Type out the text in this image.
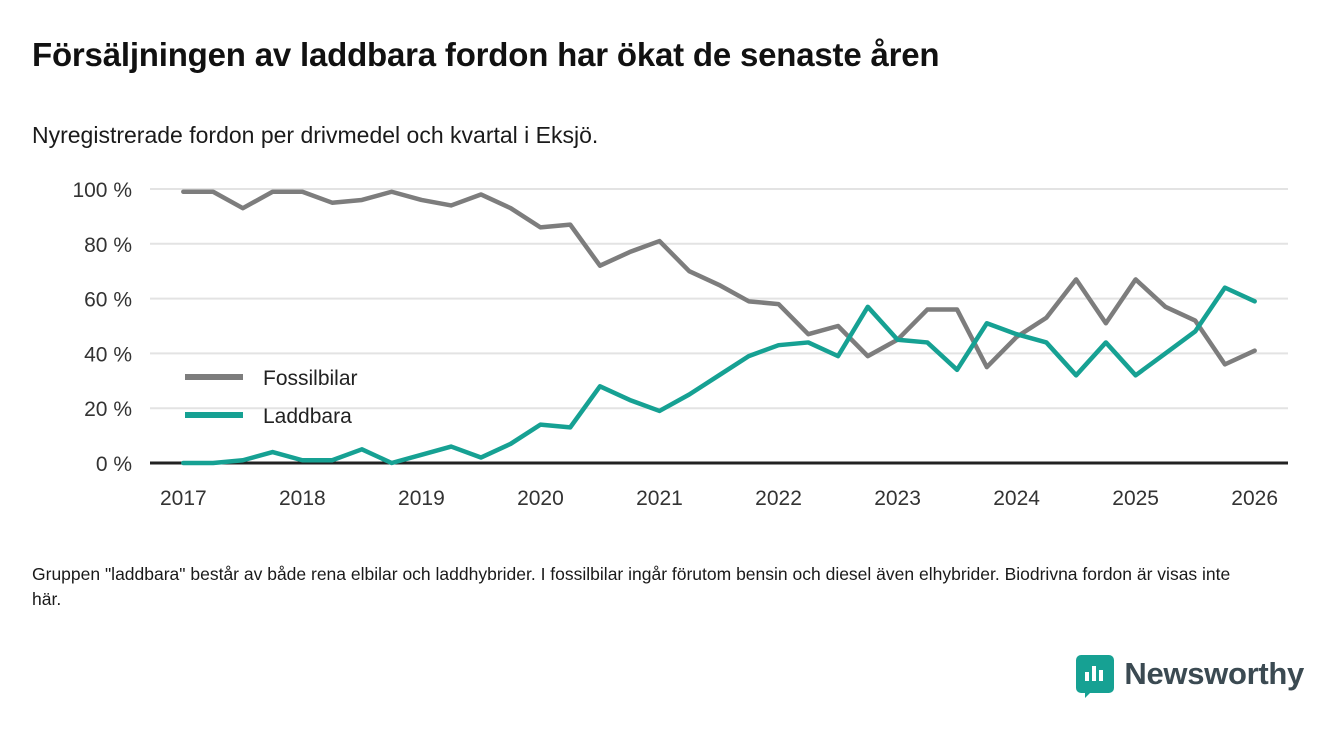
Försäljningen av laddbara fordon har ökat de senaste åren
Nyregistrerade fordon per drivmedel och kvartal i Eksjö.
0 %
20 %
40 %
60 %
80 %
100 %
2017	2018	2019	2020	2021	2022	2023	2024	2025	2026
Fossilbilar
Laddbara
Gruppen "laddbara" består av både rena elbilar och laddhybrider. I fossilbilar ingår förutom bensin och diesel även elhybrider. Biodrivna fordon är visas inte här.
Newsworthy
